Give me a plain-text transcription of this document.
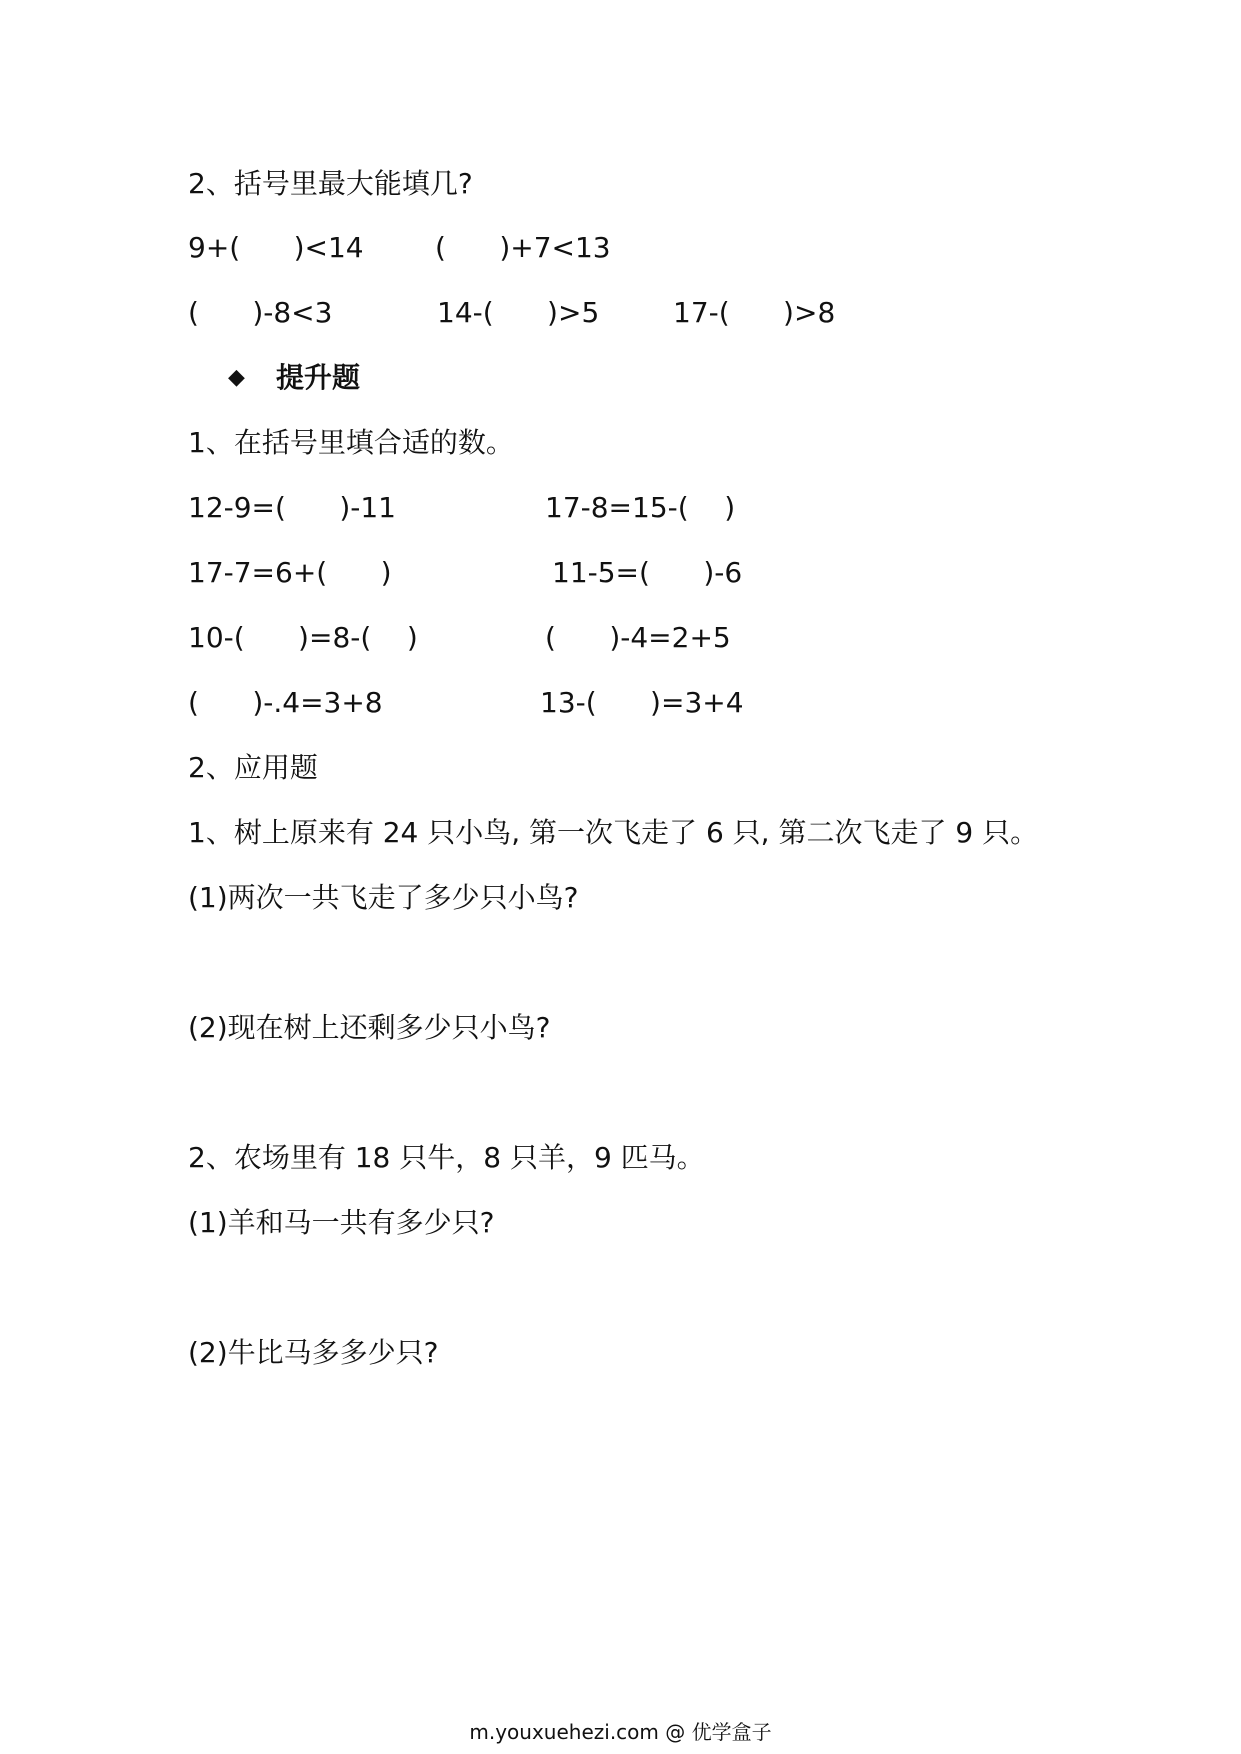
2、括号里最大能填几?
9+(      )<14	(      )+7<13
(      )-8<3	14-(      )>5	17-(      )>8
◆ 提升题
1、在括号里填合适的数。
12-9=(      )-11	17-8=15-(    )
17-7=6+(      )	11-5=(      )-6
10-(      )=8-(    )	(      )-4=2+5
(      )-.4=3+8	13-(      )=3+4
2、应用题
1、树上原来有 24 只小鸟, 第一次飞走了 6 只, 第二次飞走了 9 只。
(1)两次一共飞走了多少只小鸟?
(2)现在树上还剩多少只小鸟?
2、农场里有 18 只牛，8 只羊，9 匹马。
(1)羊和马一共有多少只?
(2)牛比马多多少只?
m.youxuehezi.com @ 优学盒子
